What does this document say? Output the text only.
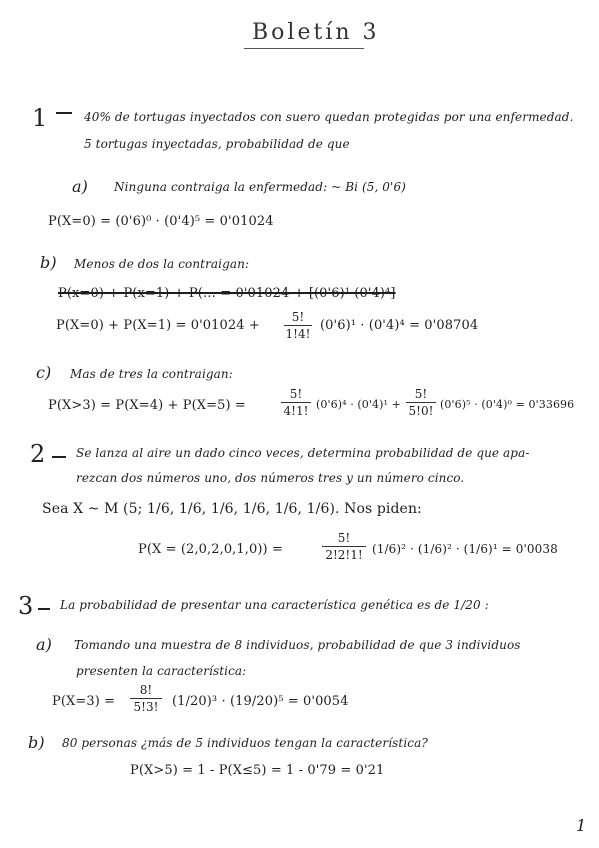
Boletín 3
1	40% de tortugas inyectados con suero quedan protegidas por una enfermedad.
5 tortugas inyectadas, probabilidad de que
a) Ninguna contraiga la enfermedad: ~ Bi (5, 0'6)
P(X=0) = (0'6)⁰ · (0'4)⁵ = 0'01024
b) Menos de dos la contraigan:
P(x=0) + P(x=1) + P(… = 0'01024 + [(0'6)¹·(0'4)⁴]
P(X=0) + P(X=1) = 0'01024 +
5!
1!4!
(0'6)¹ · (0'4)⁴ = 0'08704
c) Mas de tres la contraigan:
P(X>3) = P(X=4) + P(X=5) =
5!
4!1! (0'6)⁴ · (0'4)¹ +
5!
5!0! (0'6)⁵ · (0'4)⁰ = 0'33696
2	Se lanza al aire un dado cinco veces, determina probabilidad de que apa-
rezcan dos números uno, dos números tres y un número cinco.
Sea X ~ M (5; 1/6, 1/6, 1/6, 1/6, 1/6, 1/6). Nos piden:
P(X = (2,0,2,0,1,0)) =
5!
2!2!1! (1/6)² · (1/6)² · (1/6)¹ = 0'0038
3 La probabilidad de presentar una característica genética es de 1/20 :
a) Tomando una muestra de 8 individuos, probabilidad de que 3 individuos
presenten la característica:
P(X=3) =
8!
5!3! (1/20)³ · (19/20)⁵ = 0'0054
b) 80 personas ¿más de 5 individuos tengan la característica?
P(X>5) = 1 - P(X≤5) = 1 - 0'79 = 0'21
1
